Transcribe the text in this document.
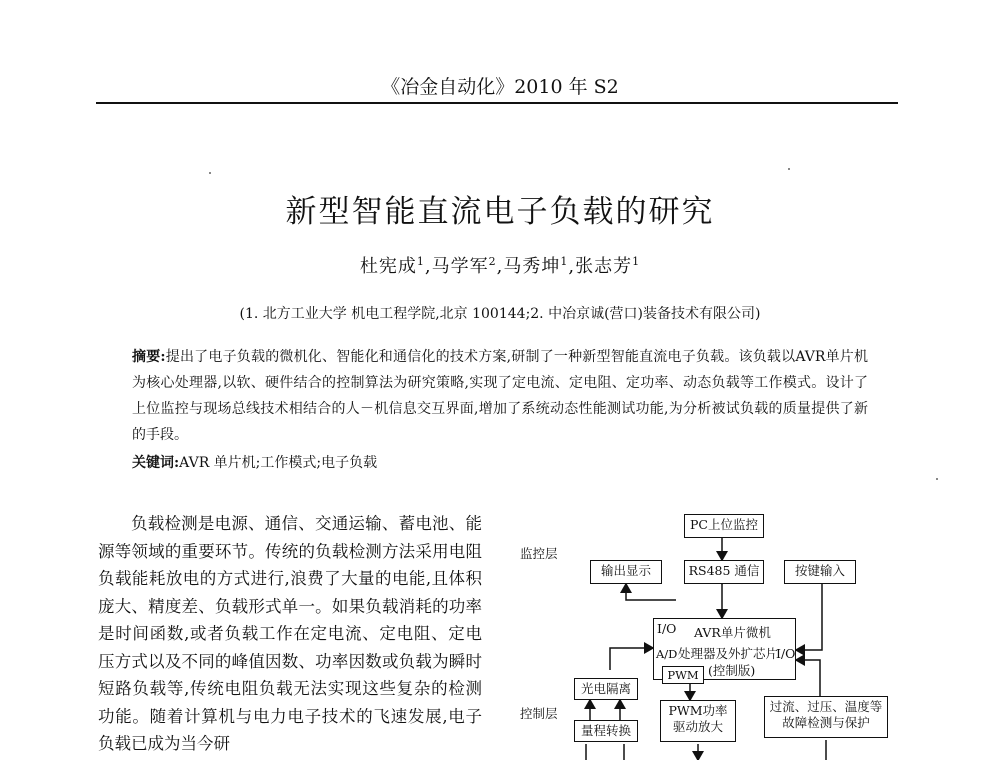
《冶金自动化》2010 年 S2
新型智能直流电子负载的研究
杜宪成$^1$,马学军$^2$,马秀坤$^1$,张志芳$^1$
(1. 北方工业大学 机电工程学院,北京 100144;2. 中冶京诚(营口)装备技术有限公司)
摘要:提出了电子负载的微机化、智能化和通信化的技术方案,研制了一种新型智能直流电子负载。该负载以AVR单片机为核心处理器,以软、硬件结合的控制算法为研究策略,实现了定电流、定电阻、定功率、动态负载等工作模式。设计了上位监控与现场总线技术相结合的人－机信息交互界面,增加了系统动态性能测试功能,为分析被试负载的质量提供了新的手段。
关键词:AVR 单片机;工作模式;电子负载
负载检测是电源、通信、交通运输、蓄电池、能源等领域的重要环节。传统的负载检测方法采用电阻负载能耗放电的方式进行,浪费了大量的电能,且体积庞大、精度差、负载形式单一。如果负载消耗的功率是时间函数,或者负载工作在定电流、定电阻、定电压方式以及不同的峰值因数、功率因数或负载为瞬时短路负载等,传统电阻负载无法实现这些复杂的检测功能。随着计算机与电力电子技术的飞速发展,电子负载已成为当今研
监控层
控制层
PC上位监控
输出显示	RS485 通信	按键输入
I/O
A/D
AVR单片微机
处理器及外扩芯片
(控制版)
I/O
PWM
光电隔离
量程转换
PWM功率
驱动放大
过流、过压、温度等
故障检测与保护
